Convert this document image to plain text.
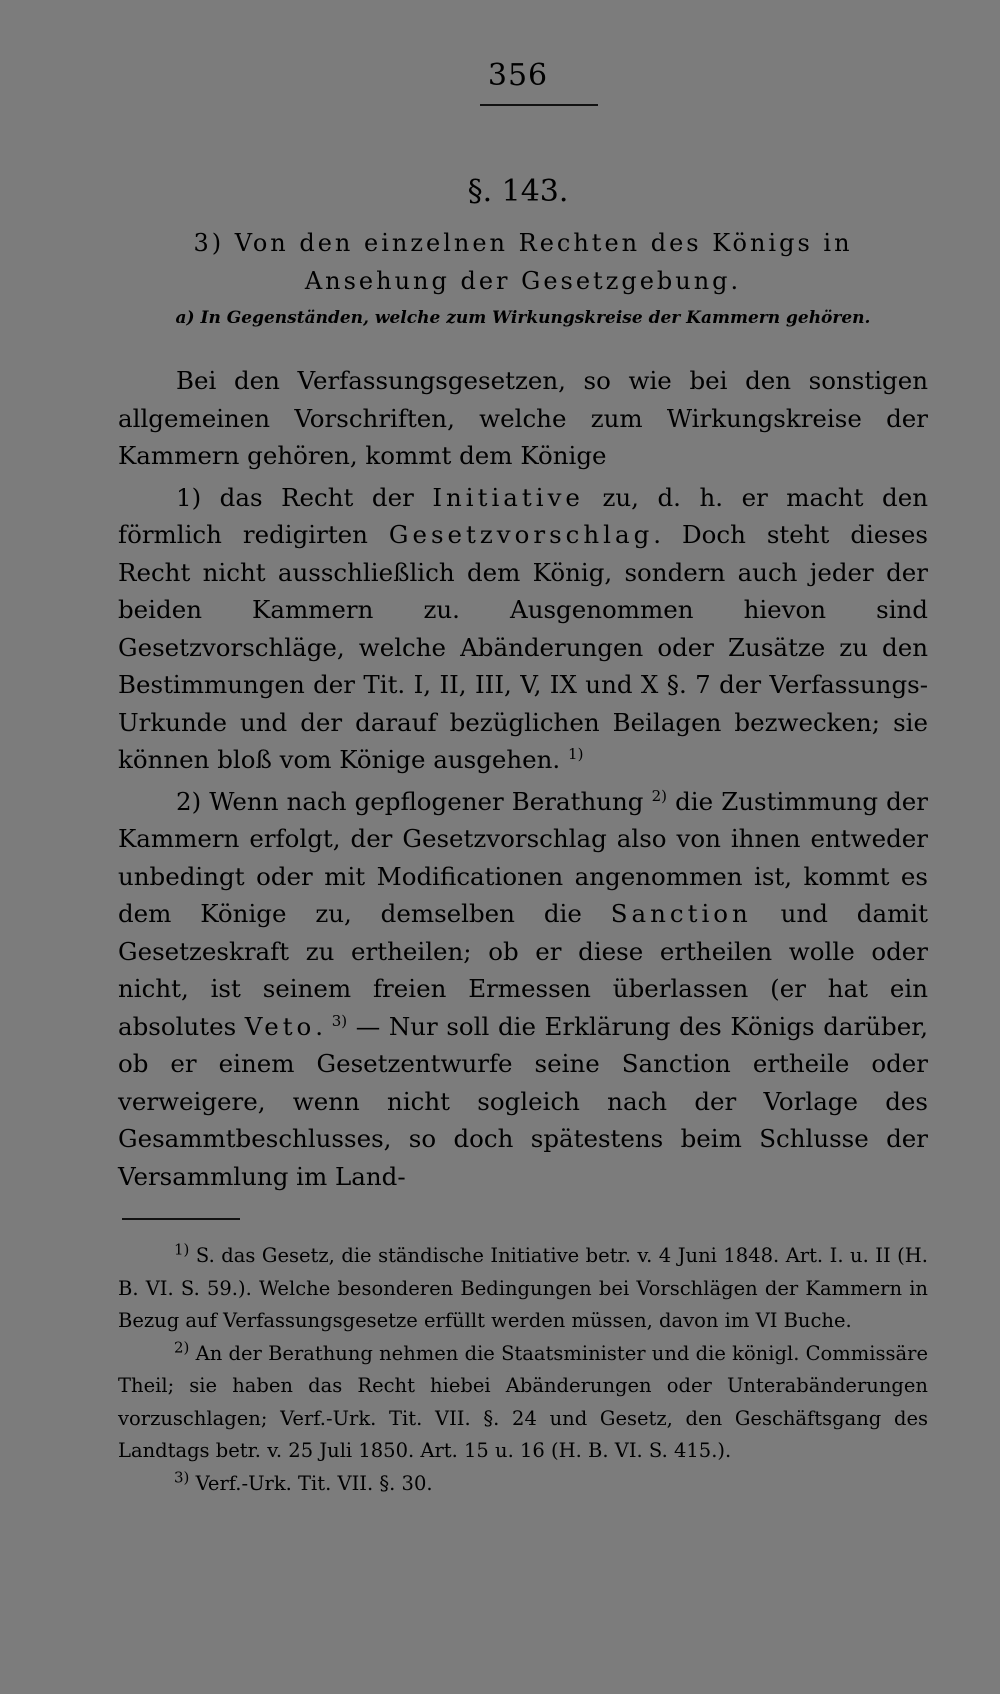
356
§. 143.
3) Von den einzelnen Rechten des Königs in Ansehung der Gesetzgebung.
a) In Gegenständen, welche zum Wirkungskreise der Kammern gehören.

Bei den Verfassungsgesetzen, so wie bei den sonstigen allgemeinen Vorschriften, welche zum Wirkungskreise der Kammern gehören, kommt dem Könige

1) das Recht der Initiative zu, d. h. er macht den förmlich redigirten Gesetzvorschlag. Doch steht dieses Recht nicht ausschließlich dem König, sondern auch jeder der beiden Kammern zu. Ausgenommen hievon sind Gesetzvorschläge, welche Abänderungen oder Zusätze zu den Bestimmungen der Tit. I, II, III, V, IX und X §. 7 der Verfassungs-Urkunde und der darauf bezüglichen Beilagen bezwecken; sie können bloß vom Könige ausgehen. $^{1)}$

2) Wenn nach gepflogener Berathung $^{2)}$ die Zustimmung der Kammern erfolgt, der Gesetzvorschlag also von ihnen entweder unbedingt oder mit Modificationen angenommen ist, kommt es dem Könige zu, demselben die Sanction und damit Gesetzeskraft zu ertheilen; ob er diese ertheilen wolle oder nicht, ist seinem freien Ermessen überlassen (er hat ein absolutes Veto. $^{3)}$ — Nur soll die Erklärung des Königs darüber, ob er einem Gesetzentwurfe seine Sanction ertheile oder verweigere, wenn nicht sogleich nach der Vorlage des Gesammtbeschlusses, so doch spätestens beim Schlusse der Versammlung im Land-

$^{1)}$ S. das Gesetz, die ständische Initiative betr. v. 4 Juni 1848. Art. I. u. II (H. B. VI. S. 59.). Welche besonderen Bedingungen bei Vorschlägen der Kammern in Bezug auf Verfassungsgesetze erfüllt werden müssen, davon im VI Buche.

$^{2)}$ An der Berathung nehmen die Staatsminister und die königl. Commissäre Theil; sie haben das Recht hiebei Abänderungen oder Unterabänderungen vorzuschlagen; Verf.-Urk. Tit. VII. §. 24 und Gesetz, den Geschäftsgang des Landtags betr. v. 25 Juli 1850. Art. 15 u. 16 (H. B. VI. S. 415.).

$^{3)}$ Verf.-Urk. Tit. VII. §. 30.
